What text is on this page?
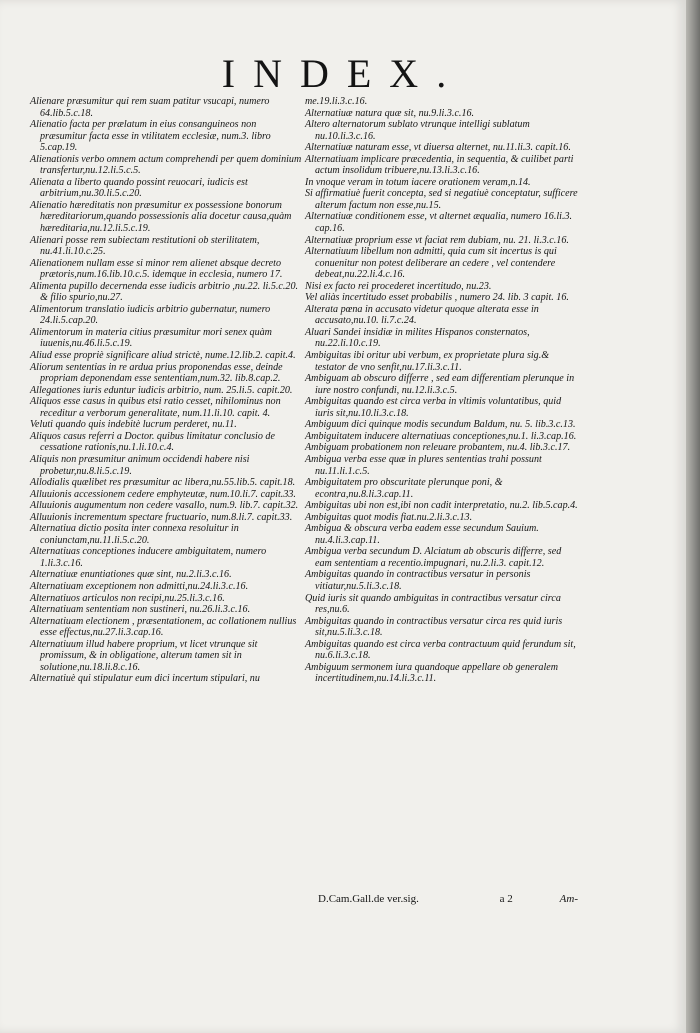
INDEX.

Alienare præsumitur qui rem suam patitur vsucapi, numero 64.lib.5.c.18.

Alienatio facta per prælatum in eius consanguineos non præsumitur facta esse in vtilitatem ecclesiæ, num.3. libro 5.cap.19.

Alienationis verbo omnem actum comprehendi per quem dominium transfertur,nu.12.li.5.c.5.

Alienata a liberto quando possint reuocari, iudicis est arbitrium,nu.30.li.5.c.20.

Alienatio hæreditatis non præsumitur ex possessione bonorum hæreditariorum,quando possessionis alia docetur causa,quàm hæreditaria,nu.12.li.5.c.19.

Alienari posse rem subiectam restitutioni ob sterilitatem, nu.41.li.10.c.25.

Alienationem nullam esse si minor rem alienet absque decreto prætoris,num.16.lib.10.c.5. idemque in ecclesia, numero 17.

Alimenta pupillo decernenda esse iudicis arbitrio ,nu.22. li.5.c.20. & filio spurio,nu.27.

Alimentorum translatio iudicis arbitrio gubernatur, numero 24.li.5.cap.20.

Alimentorum in materia citius præsumitur mori senex quàm iuuenis,nu.46.li.5.c.19.

Aliud esse propriè significare aliud strictè, nume.12.lib.2. capit.4.

Aliorum sententias in re ardua prius proponendas esse, deinde propriam deponendam esse sententiam,num.32. lib.8.cap.2.

Allegationes iuris eduntur iudicis arbitrio, num. 25.li.5. capit.20.

Aliquos esse casus in quibus etsi ratio cesset, nihilominus non receditur a verborum generalitate, num.11.li.10. capit. 4.

Veluti quando quis indebitè lucrum perderet, nu.11.

Aliquos casus referri a Doctor. quibus limitatur conclusio de cessatione rationis,nu.1.li.10.c.4.

Aliquis non præsumitur animum occidendi habere nisi probetur,nu.8.li.5.c.19.

Allodialis quælibet res præsumitur ac libera,nu.55.lib.5. capit.18.

Alluuionis accessionem cedere emphyteutæ, num.10.li.7. capit.33.

Alluuionis augumentum non cedere vasallo, num.9. lib.7. capit.32.

Alluuionis incrementum spectare fructuario, num.8.li.7. capit.33.

Alternatiua dictio posita inter connexa resoluitur in coniunctam,nu.11.li.5.c.20.

Alternatiuas conceptiones inducere ambiguitatem, numero 1.li.3.c.16.

Alternatiuæ enuntiationes quæ sint, nu.2.li.3.c.16.

Alternatiuam exceptionem non admitti,nu.24.li.3.c.16.

Alternatiuos articulos non recipi,nu.25.li.3.c.16.

Alternatiuam sententiam non sustineri, nu.26.li.3.c.16.

Alternatiuam electionem , præsentationem, ac collationem nullius esse effectus,nu.27.li.3.cap.16.

Alternatiuum illud habere proprium, vt licet vtrunque sit promissum, & in obligatione, alterum tamen sit in solutione,nu.18.li.8.c.16.

Alternatiuè qui stipulatur eum dici incertum stipulari, nu

me.19.li.3.c.16.

Alternatiuæ natura quæ sit, nu.9.li.3.c.16.

Altero alternatorum sublato vtrunque intelligi sublatum nu.10.li.3.c.16.

Alternatiuæ naturam esse, vt diuersa alternet, nu.11.li.3. capit.16.

Alternatiuam implicare præcedentia, in sequentia, & cuilibet parti actum insolidum tribuere,nu.13.li.3.c.16.

In vnoque veram in totum iacere orationem veram,n.14.

Si affirmatiuè fuerit concepta, sed si negatiuè conceptatur, sufficere alterum factum non esse,nu.15.

Alternatiuæ conditionem esse, vt alternet æqualia, numero 16.li.3. cap.16.

Alternatiuæ proprium esse vt faciat rem dubiam, nu. 21. li.3.c.16.

Alternatiuum libellum non admitti, quia cum sit incertus is qui conuenitur non potest deliberare an cedere , vel contendere debeat,nu.22.li.4.c.16.

Nisi ex facto rei procederet incertitudo, nu.23.

Vel aliàs incertitudo esset probabilis , numero 24. lib. 3 capit. 16.

Alterata pœna in accusato videtur quoque alterata esse in accusato,nu.10. li.7.c.24.

Aluari Sandei insidiæ in milites Hispanos consternatos, nu.22.li.10.c.19.

Ambiguitas ibi oritur ubi verbum, ex proprietate plura sig.& testator de vno senfit,nu.17.li.3.c.11.

Ambiguam ab obscuro differre , sed eam differentiam plerunque in iure nostro confundi, nu.12.li.3.c.5.

Ambiguitas quando est circa verba in vltimis voluntatibus, quid iuris sit,nu.10.li.3.c.18.

Ambiguum dici quinque modis secundum Baldum, nu. 5. lib.3.c.13.

Ambiguitatem inducere alternatiuas conceptiones,nu.1. li.3.cap.16.

Ambiguam probationem non releuare probantem, nu.4. lib.3.c.17.

Ambigua verba esse quæ in plures sententias trahi possunt nu.11.li.1.c.5.

Ambiguitatem pro obscuritate plerunque poni, & econtra,nu.8.li.3.cap.11.

Ambiguitas ubi non est,ibi non cadit interpretatio, nu.2. lib.5.cap.4.

Ambiguitas quot modis fiat.nu.2.li.3.c.13.

Ambigua & obscura verba eadem esse secundum Sauium. nu.4.li.3.cap.11.

Ambigua verba secundum D. Alciatum ab obscuris differre, sed eam sententiam a recentio.impugnari, nu.2.li.3. capit.12.

Ambiguitas quando in contractibus versatur in personis vitiatur,nu.5.li.3.c.18.

Quid iuris sit quando ambiguitas in contractibus versatur circa res,nu.6.

Ambiguitas quando in contractibus versatur circa res quid iuris sit,nu.5.li.3.c.18.

Ambiguitas quando est circa verba contractuum quid ferundum sit, nu.6.li.3.c.18.

Ambiguum sermonem iura quandoque appellare ob generalem incertitudinem,nu.14.li.3.c.11.

D.Cam.Gall.de ver.sig.	a 2	Am-
